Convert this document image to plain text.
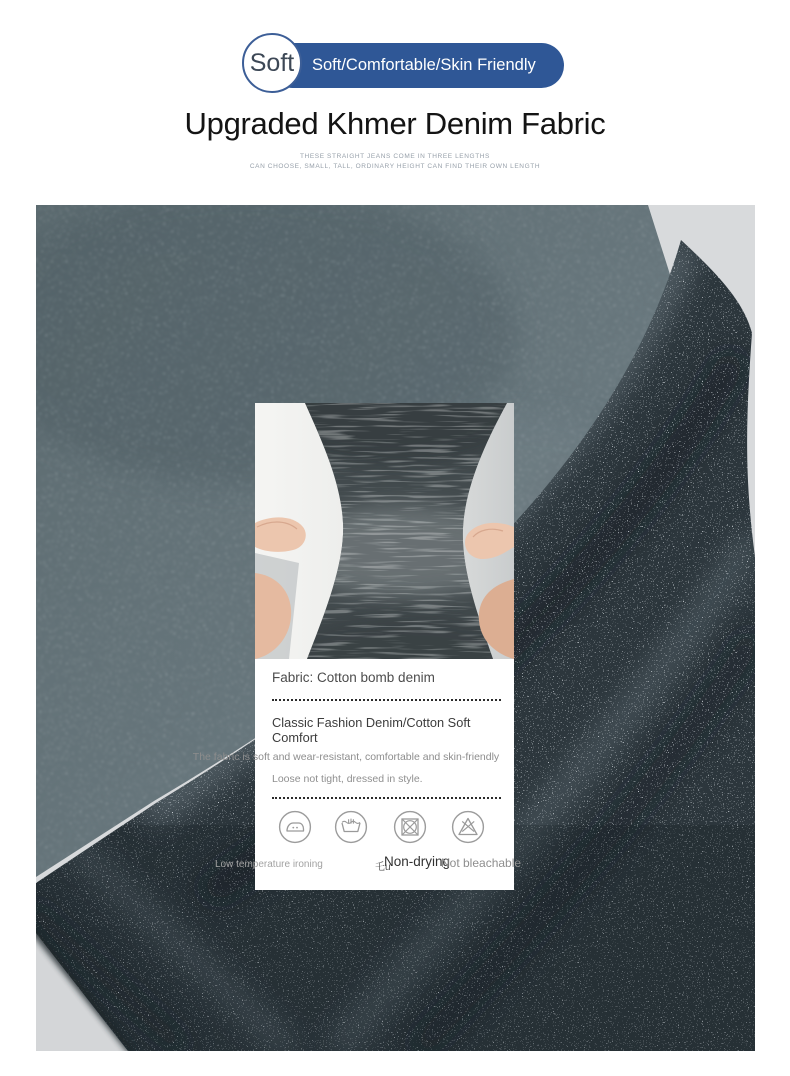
Soft/Comfortable/Skin Friendly
Soft
Upgraded Khmer Denim Fabric
THESE STRAIGHT JEANS COME IN THREE LENGTHS
CAN CHOOSE, SMALL, TALL, ORDINARY HEIGHT CAN FIND THEIR OWN LENGTH
Fabric: Cotton bomb denim
Classic Fashion Denim/Cotton Soft
Comfort
The fabric is soft and wear-resistant, comfortable and skin-friendly
Loose not tight, dressed in style.
Low temperature ironing	乇u
Non-drying
Not bleachable
